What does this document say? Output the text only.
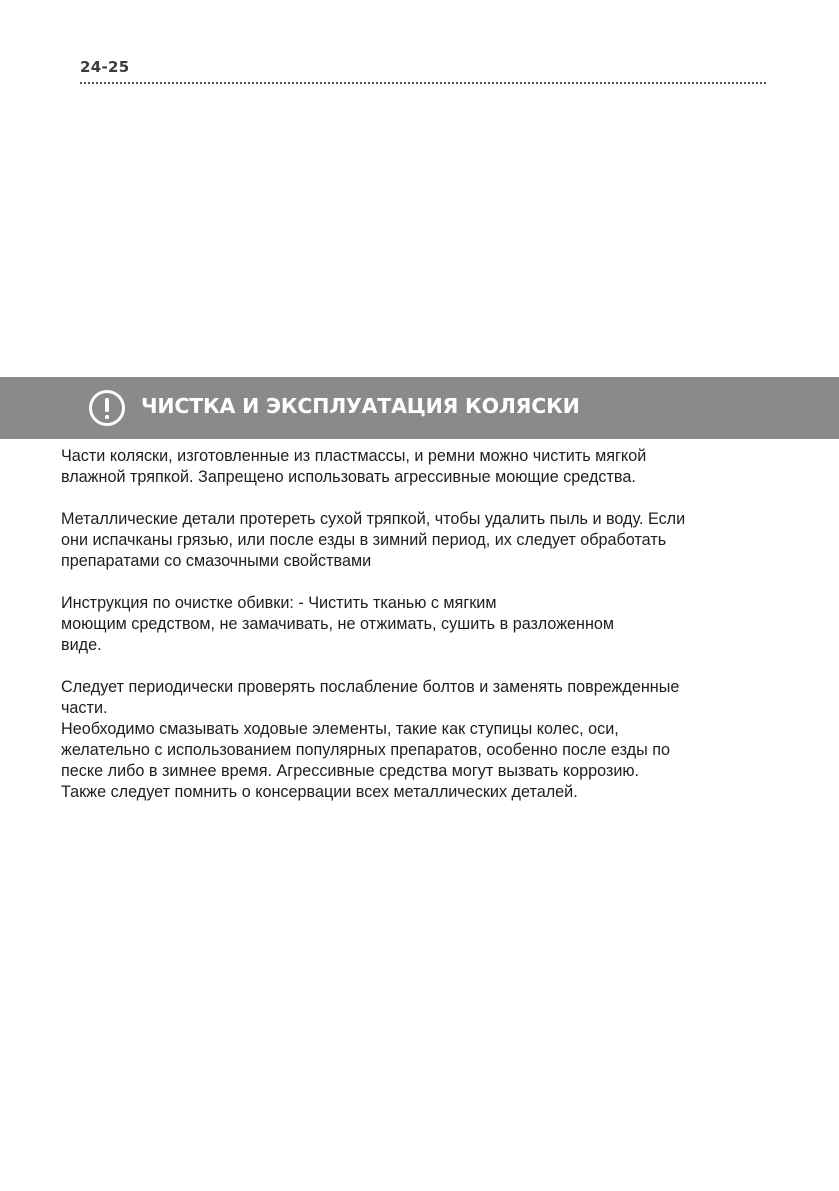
24-25
ЧИСТКА И ЭКСПЛУАТАЦИЯ КОЛЯСКИ

Части коляски, изготовленные из пластмассы, и ремни можно чистить мягкой
влажной тряпкой. Запрещено использовать агрессивные моющие средства.

Металлические детали протереть сухой тряпкой, чтобы удалить пыль и воду. Если
они испачканы грязью, или после езды в зимний период, их следует обработать
препаратами со смазочными свойствами

Инструкция по очистке обивки: - Чистить тканью с мягким
моющим средством, не замачивать, не отжимать, сушить в разложенном
виде.

Следует периодически проверять послабление болтов и заменять поврежденные
части.

Необходимо смазывать ходовые элементы, такие как ступицы колес, оси,
желательно с использованием популярных препаратов, особенно после езды по
песке либо в зимнее время. Агрессивные средства могут вызвать коррозию.
Также следует помнить о консервации всех металлических деталей.
